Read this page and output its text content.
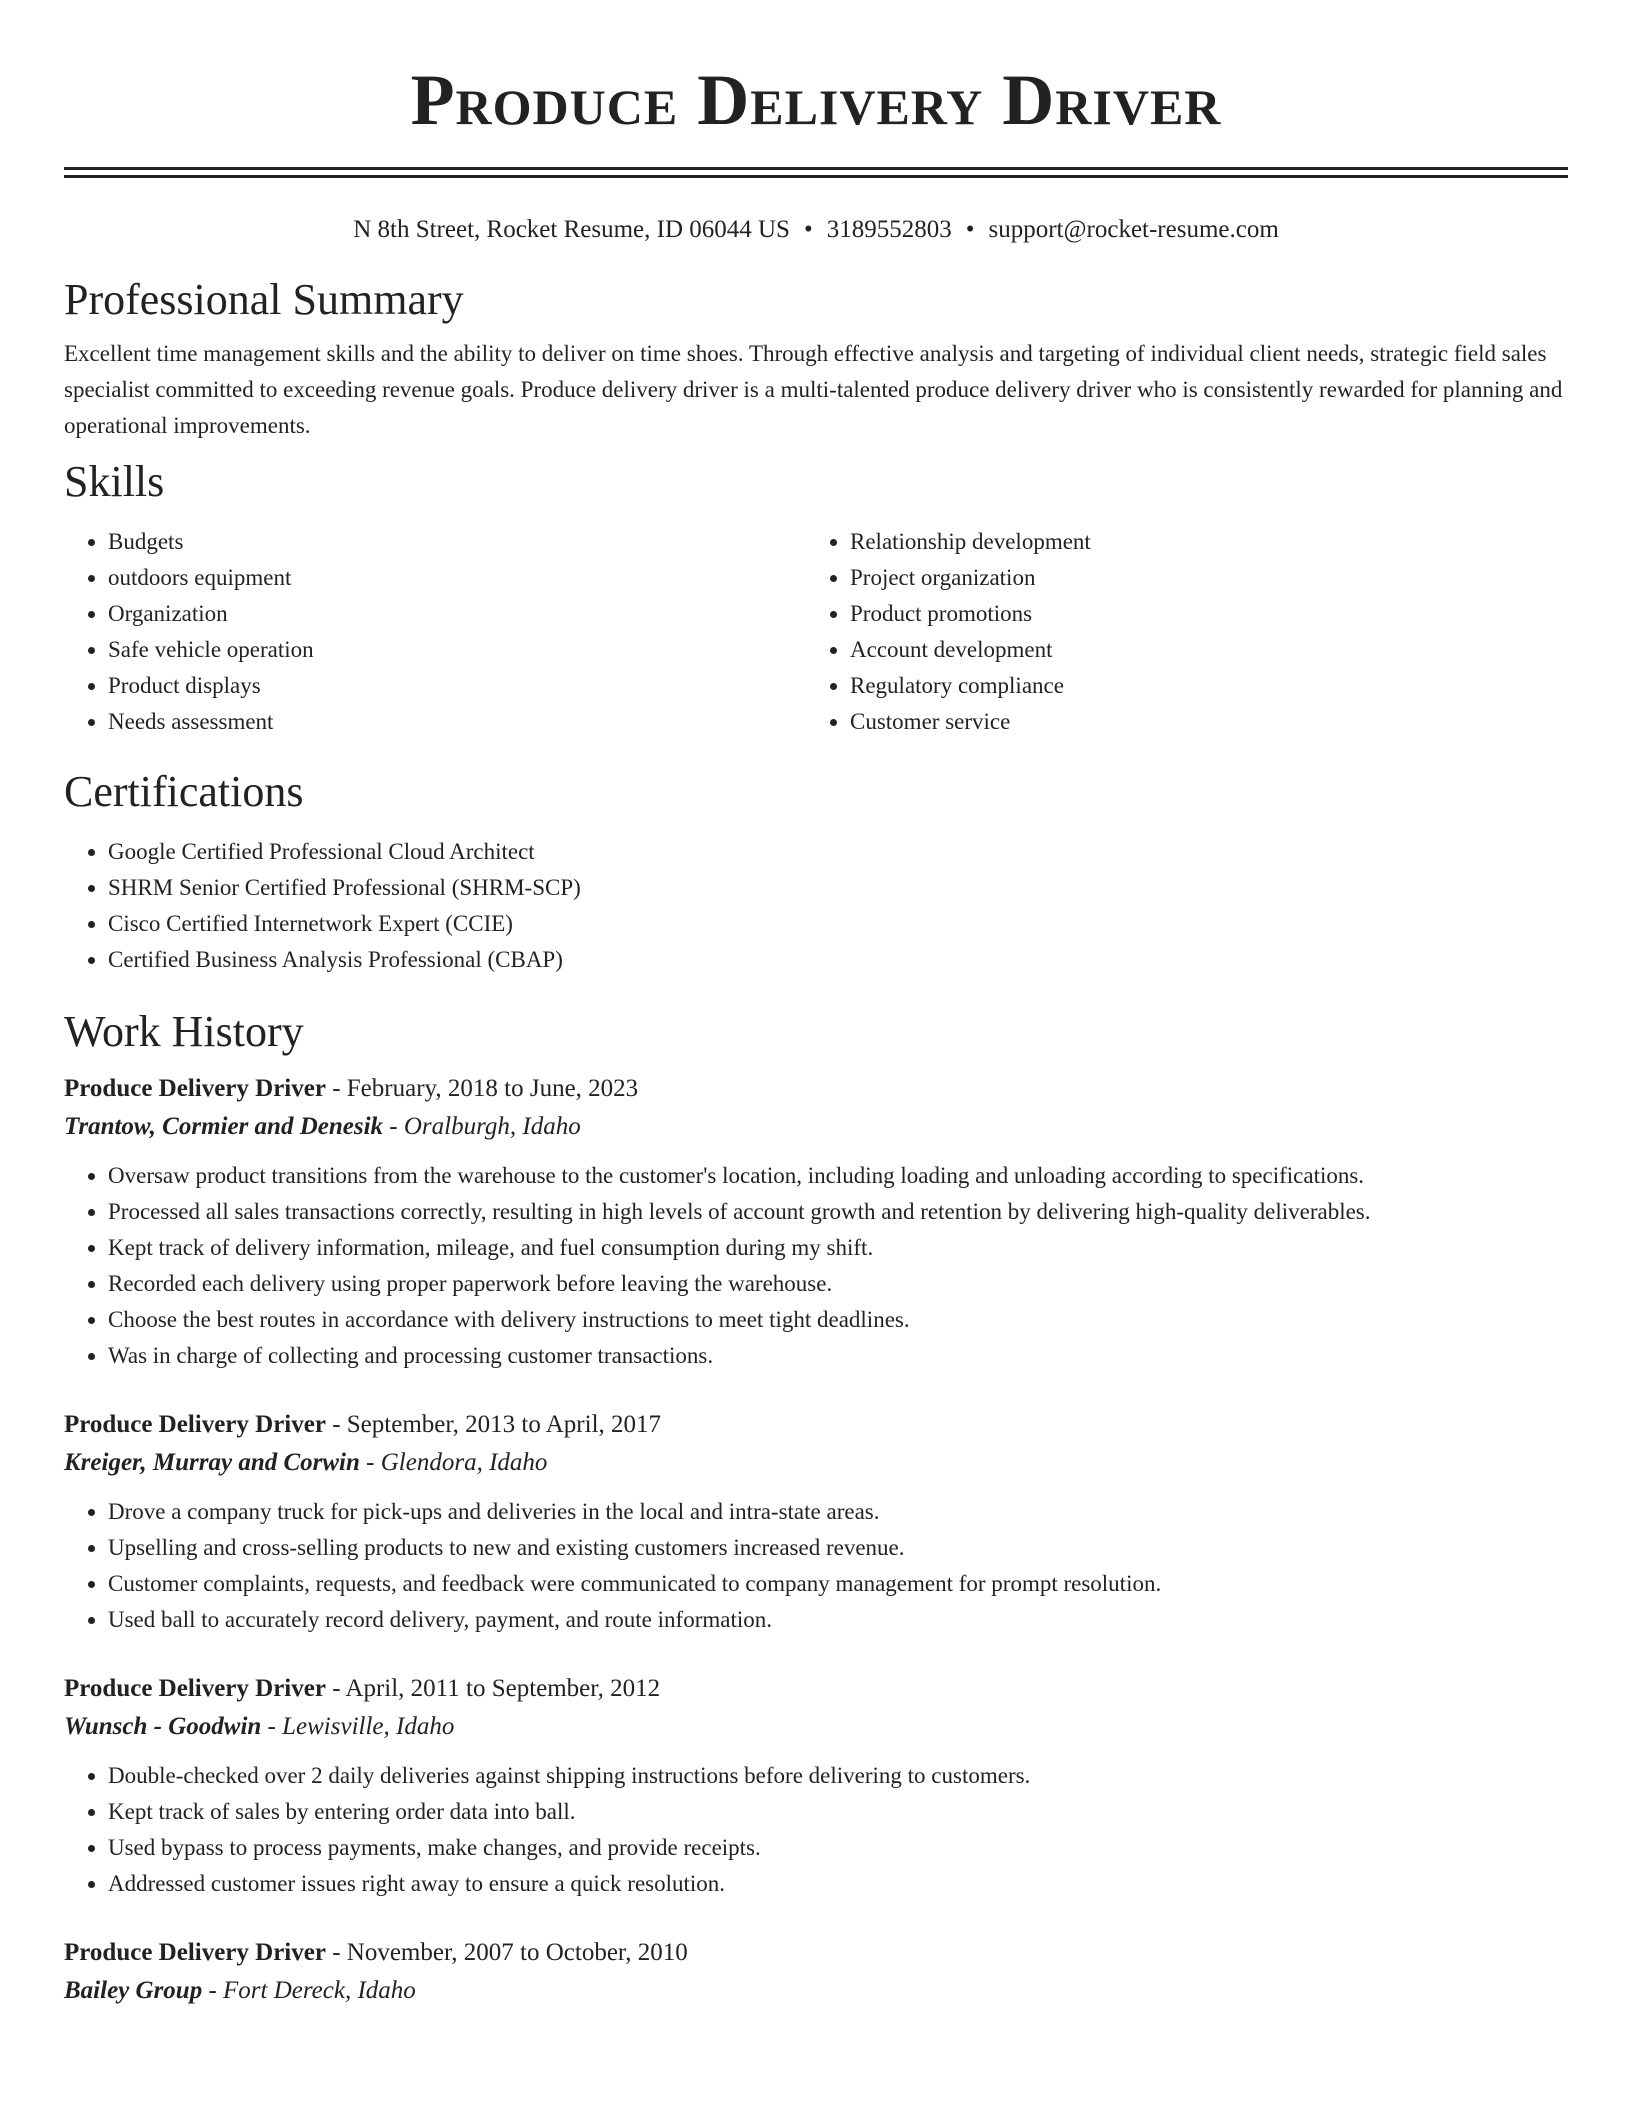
Produce Delivery Driver
N 8th Street, Rocket Resume, ID 06044 US • 3189552803 • support@rocket-resume.com
Professional Summary

Excellent time management skills and the ability to deliver on time shoes. Through effective analysis and targeting of individual client needs, strategic field sales specialist committed to exceeding revenue goals. Produce delivery driver is a multi-talented produce delivery driver who is consistently rewarded for planning and operational improvements.

Skills
• Budgets
• outdoors equipment
• Organization
• Safe vehicle operation
• Product displays
• Needs assessment
• Relationship development
• Project organization
• Product promotions
• Account development
• Regulatory compliance
• Customer service
Certifications
• Google Certified Professional Cloud Architect
• SHRM Senior Certified Professional (SHRM-SCP)
• Cisco Certified Internetwork Expert (CCIE)
• Certified Business Analysis Professional (CBAP)
Work History
Produce Delivery Driver - February, 2018 to June, 2023
Trantow, Cormier and Denesik - Oralburgh, Idaho
• Oversaw product transitions from the warehouse to the customer's location, including loading and unloading according to specifications.
• Processed all sales transactions correctly, resulting in high levels of account growth and retention by delivering high-quality deliverables.
• Kept track of delivery information, mileage, and fuel consumption during my shift.
• Recorded each delivery using proper paperwork before leaving the warehouse.
• Choose the best routes in accordance with delivery instructions to meet tight deadlines.
• Was in charge of collecting and processing customer transactions.
Produce Delivery Driver - September, 2013 to April, 2017
Kreiger, Murray and Corwin - Glendora, Idaho
• Drove a company truck for pick-ups and deliveries in the local and intra-state areas.
• Upselling and cross-selling products to new and existing customers increased revenue.
• Customer complaints, requests, and feedback were communicated to company management for prompt resolution.
• Used ball to accurately record delivery, payment, and route information.
Produce Delivery Driver - April, 2011 to September, 2012
Wunsch - Goodwin - Lewisville, Idaho
• Double-checked over 2 daily deliveries against shipping instructions before delivering to customers.
• Kept track of sales by entering order data into ball.
• Used bypass to process payments, make changes, and provide receipts.
• Addressed customer issues right away to ensure a quick resolution.
Produce Delivery Driver - November, 2007 to October, 2010
Bailey Group - Fort Dereck, Idaho
